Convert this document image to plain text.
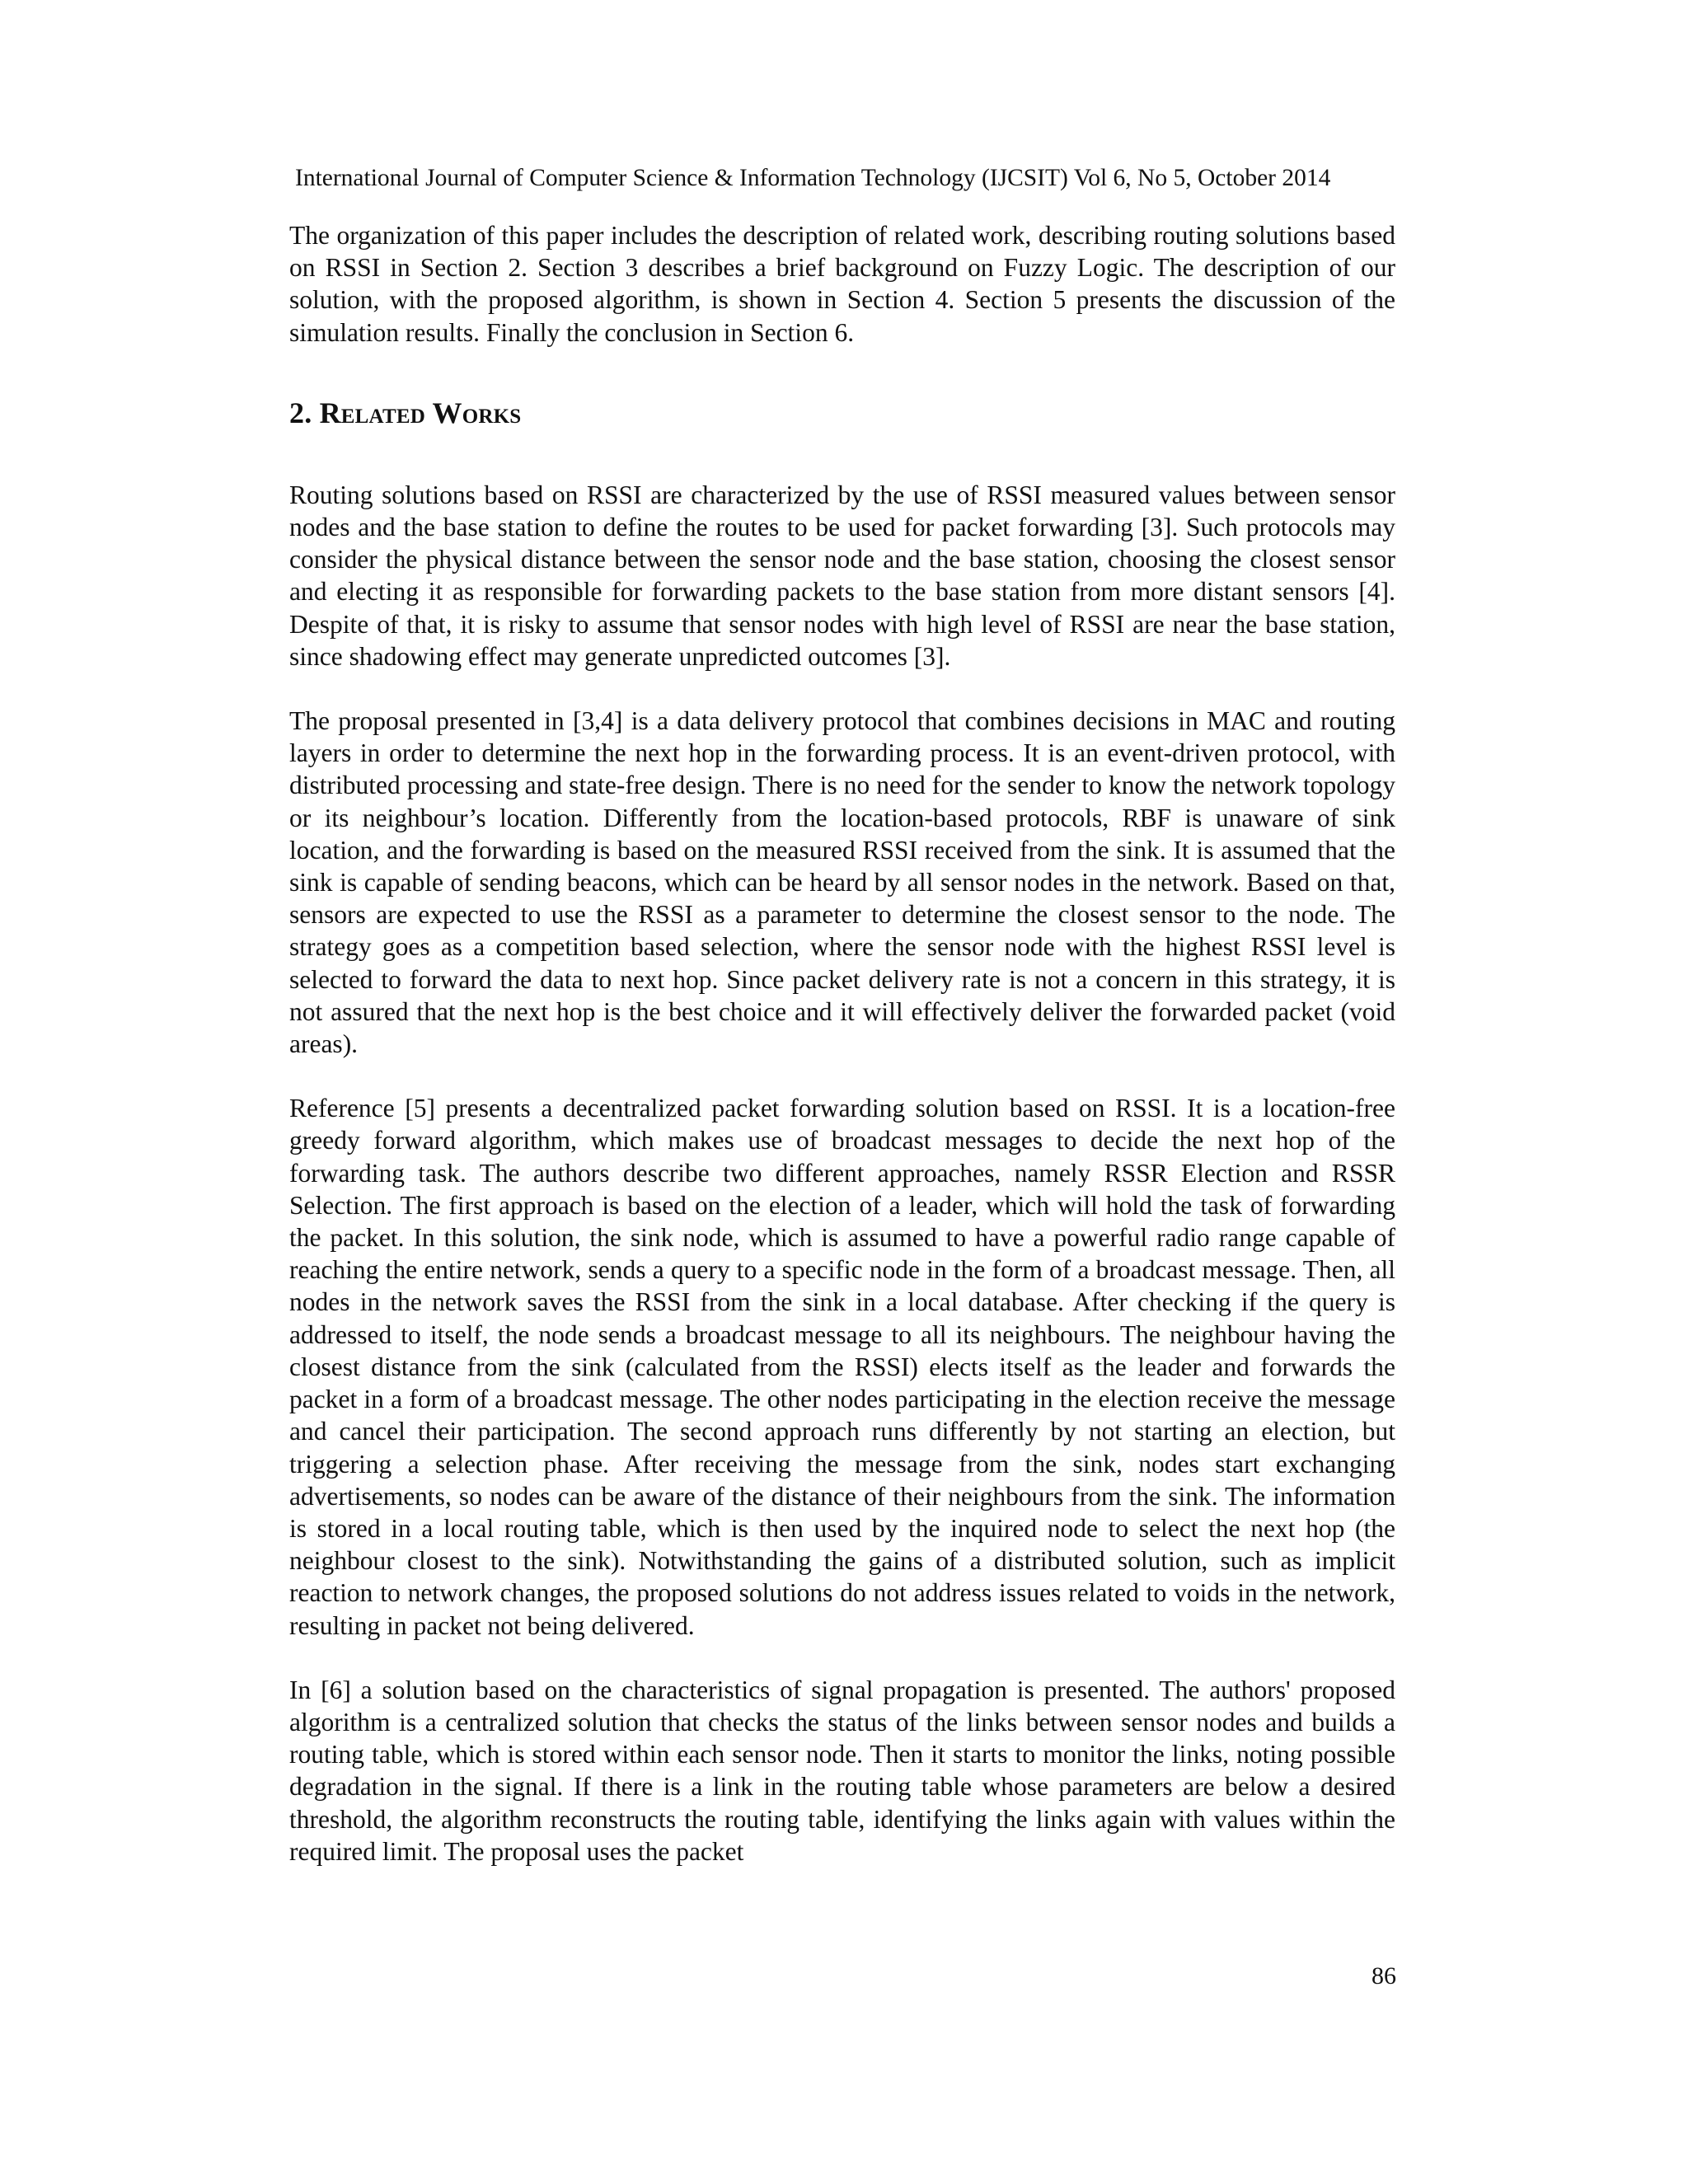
International Journal of Computer Science & Information Technology (IJCSIT) Vol 6, No 5, October 2014

The organization of this paper includes the description of related work, describing routing solutions based on RSSI in Section 2. Section 3 describes a brief background on Fuzzy Logic. The description of our solution, with the proposed algorithm, is shown in Section 4. Section 5 presents the discussion of the simulation results. Finally the conclusion in Section 6.

2. Related Works

Routing solutions based on RSSI are characterized by the use of RSSI measured values between sensor nodes and the base station to define the routes to be used for packet forwarding [3]. Such protocols may consider the physical distance between the sensor node and the base station, choosing the closest sensor and electing it as responsible for forwarding packets to the base station from more distant sensors [4]. Despite of that, it is risky to assume that sensor nodes with high level of RSSI are near the base station, since shadowing effect may generate unpredicted outcomes [3].

The proposal presented in [3,4] is a data delivery protocol that combines decisions in MAC and routing layers in order to determine the next hop in the forwarding process. It is an event-driven protocol, with distributed processing and state-free design. There is no need for the sender to know the network topology or its neighbour’s location. Differently from the location-based protocols, RBF is unaware of sink location, and the forwarding is based on the measured RSSI received from the sink. It is assumed that the sink is capable of sending beacons, which can be heard by all sensor nodes in the network. Based on that, sensors are expected to use the RSSI as a parameter to determine the closest sensor to the node. The strategy goes as a competition based selection, where the sensor node with the highest RSSI level is selected to forward the data to next hop. Since packet delivery rate is not a concern in this strategy, it is not assured that the next hop is the best choice and it will effectively deliver the forwarded packet (void areas).

Reference [5] presents a decentralized packet forwarding solution based on RSSI. It is a location-free greedy forward algorithm, which makes use of broadcast messages to decide the next hop of the forwarding task. The authors describe two different approaches, namely RSSR Election and RSSR Selection. The first approach is based on the election of a leader, which will hold the task of forwarding the packet. In this solution, the sink node, which is assumed to have a powerful radio range capable of reaching the entire network, sends a query to a specific node in the form of a broadcast message. Then, all nodes in the network saves the RSSI from the sink in a local database. After checking if the query is addressed to itself, the node sends a broadcast message to all its neighbours. The neighbour having the closest distance from the sink (calculated from the RSSI) elects itself as the leader and forwards the packet in a form of a broadcast message. The other nodes participating in the election receive the message and cancel their participation. The second approach runs differently by not starting an election, but triggering a selection phase. After receiving the message from the sink, nodes start exchanging advertisements, so nodes can be aware of the distance of their neighbours from the sink. The information is stored in a local routing table, which is then used by the inquired node to select the next hop (the neighbour closest to the sink). Notwithstanding the gains of a distributed solution, such as implicit reaction to network changes, the proposed solutions do not address issues related to voids in the network, resulting in packet not being delivered.

In [6] a solution based on the characteristics of signal propagation is presented. The authors' proposed algorithm is a centralized solution that checks the status of the links between sensor nodes and builds a routing table, which is stored within each sensor node. Then it starts to monitor the links, noting possible degradation in the signal. If there is a link in the routing table whose parameters are below a desired threshold, the algorithm reconstructs the routing table, identifying the links again with values within the required limit. The proposal uses the packet

86
